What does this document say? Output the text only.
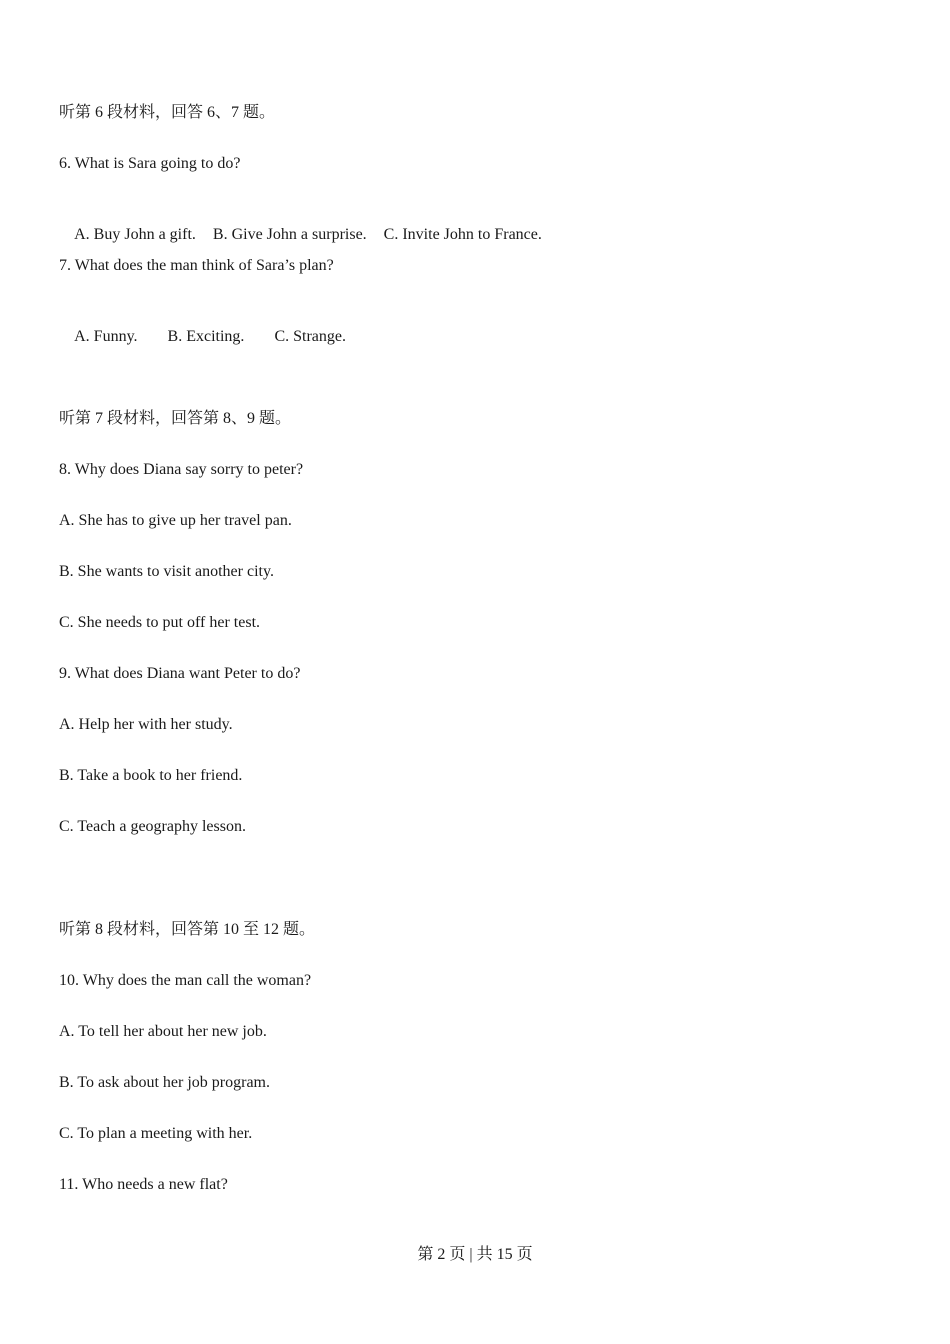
听第 6 段材料，回答 6、7 题。
6. What is Sara going to do?

A. Buy John a gift. B. Give John a surprise. C. Invite John to France.

7. What does the man think of Sara’s plan?

A. Funny. B. Exciting. C. Strange.

听第 7 段材料，回答第 8、9 题。
8. Why does Diana say sorry to peter?
A. She has to give up her travel pan.
B. She wants to visit another city.
C. She needs to put off her test.
9. What does Diana want Peter to do?
A. Help her with her study.
B. Take a book to her friend.
C. Teach a geography lesson.
听第 8 段材料，回答第 10 至 12 题。
10. Why does the man call the woman?
A. To tell her about her new job.
B. To ask about her job program.
C. To plan a meeting with her.
11. Who needs a new flat?
第 2 页 | 共 15 页
